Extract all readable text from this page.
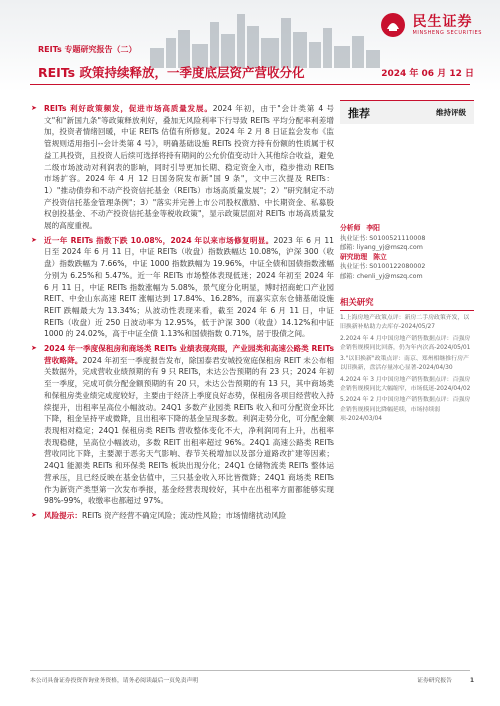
民生证券
MINSHENG SECURITIES
REITs 专题研究报告（二）
REITs 政策持续释放，一季度底层资产营收分化	2024 年 06 月 12 日
➤ REITs 利好政策频发，促进市场高质量发展。2024 年初，由于"会计类第 4 号文"和"新国九条"等政策释放利好，叠加无风险利率下行导致 REITs 平均分配率利差增加，投资者情绪回暖，中证 REITs 估值有所修复。2024 年 2 月 8 日证监会发布《监管规则适用指引--会计类第 4 号》，明确基础设施 REITs 投资方持有份额的性质属于权益工具投资，且投资人后续可选择将持有期间的公允价值变动计入其他综合收益，避免二级市场波动对利润表的影响，同时引导更加长期、稳定资金入市，稳步推动 REITs 市场扩容。2024 年 4 月 12 日国务院发布新"国 9 条"，文中三次提及 REITs：1）"推动债券和不动产投资信托基金（REITs）市场高质量发展"；2）"研究制定不动产投资信托基金管理条例"；3）"落实并完善上市公司股权激励、中长期资金、私募股权创投基金、不动产投资信托基金等税收政策"，显示政策层面对 REITs 市场高质量发展的高度重视。
➤ 近一年 REITs 指数下跌 10.08%，2024 年以来市场修复明显。2023 年 6 月 11 日至 2024 年 6 月 11 日，中证 REITs（收盘）指数跌幅达 10.08%，沪深 300（收盘）指数跌幅为 7.66%，中证 1000 指数跌幅为 19.96%，中证全债和国债指数涨幅分别为 6.25%和 5.47%。近一年 REITs 市场整体表现低迷；2024 年初至 2024 年 6 月 11 日，中证 REITs 指数涨幅为 5.08%，景气度分化明显，博时招商蛇口产业园 REIT、中金山东高速 REIT 涨幅达到 17.84%、16.28%，而嘉实京东仓储基础设施 REIT 跌幅最大为 13.34%；从波动性表现来看，截至 2024 年 6 月 11 日，中证 REITs（收盘）近 250 日波动率为 12.95%，低于沪深 300（收盘）14.12%和中证 1000 的 24.02%，高于中证全债 1.13%和国债指数 0.71%，居于股债之间。
➤ 2024 年一季度保租房和商场类 REITs 业绩表现亮眼，产业园类和高速公路类 REITs 营收略降。2024 年初至一季度报告发布，除国泰君安城投宽庭保租房 REIT 未公布相关数据外，完成营收业绩预期的有 9 只 REITs，未达公告预期的有 23 只；2024 年初至一季度，完成可供分配金额预期的有 20 只，未达公告预期的有 13 只，其中商场类和保租房类业绩完成度较好，主要由于经济上季度良好态势，保租房各项目经营收入持续提升，出租率呈高位小幅波动。24Q1 多数产业园类 REITs 收入和可分配资金环比下降，租金呈持平或微降，且出租率下降的基金呈现多数。利润走势分化，可分配金额表现相对稳定；24Q1 保租房类 REITs 营收整体变化不大，净利润同有上升，出租率表现稳健，呈高位小幅波动，多数 REIT 出租率超过 96%。24Q1 高速公路类 REITs 营收同比下降，主要源于恶劣天气影响、春节关税增加以及部分道路改扩建等因素；24Q1 能源类 REITs 和环保类 REITs 板块出现分化；24Q1 仓储物流类 REITs 整体运营承压，且已经反映在基金估值中，三只基金收入环比皆微降；24Q1 商场类 REITs 作为新资产类型第一次发布季报，基金经营表现较好，其中在出租率方面都能够实现 98%-99%，收缴率也都超过 97%。
➤ 风险提示：REITs 资产经营不确定风险；流动性风险；市场情绪扰动风险
推荐	维持评级
分析师 李阳
执业证书: S0100521110008
邮箱: liyang_yj@mszq.com
研究助理 陈立
执业证书: S0100122080002
邮箱: chenli_yj@mszq.com
相关研究
1.上海房地产政策点评：新房二手房政策齐发，以旧换新补贴助力去库存-2024/05/27
2.2024 年 4 月中国房地产销售数据点评：百强房企销售规模同比回落，仍为年内次高-2024/05/01
3."以旧换新"政策点评：南京、郑州相继推行房产以旧换新，盘活存量冰心显著-2024/04/30
4.2024 年 3 月中国房地产销售数据点评：百强房企销售规模同比大幅缩窄，市场低迷-2024/04/02
5.2024 年 2 月中国房地产销售数据点评：百强房企销售规模同比降幅延续，市场持续弱项-2024/03/04
本公司具备证券投资咨询业务资格，请务必阅读最后一页免责声明	证券研究报告	1
